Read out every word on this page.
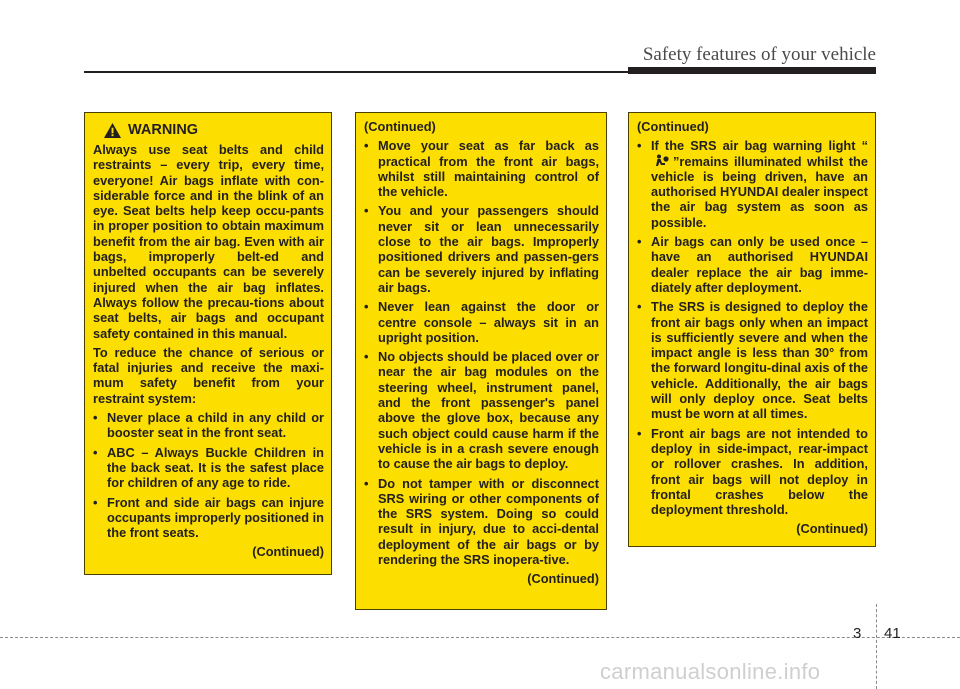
Safety features of your vehicle
WARNING

Always use seat belts and child restraints – every trip, every time, everyone! Air bags inflate with con-siderable force and in the blink of an eye. Seat belts help keep occu-pants in proper position to obtain maximum benefit from the air bag. Even with air bags, improperly belt-ed and unbelted occupants can be severely injured when the air bag inflates. Always follow the precau-tions about seat belts, air bags and occupant safety contained in this manual.

To reduce the chance of serious or fatal injuries and receive the maxi-mum safety benefit from your restraint system:

• Never place a child in any child or booster seat in the front seat.
• ABC – Always Buckle Children in the back seat. It is the safest place for children of any age to ride.
• Front and side air bags can injure occupants improperly positioned in the front seats.

(Continued)

(Continued)

• Move your seat as far back as practical from the front air bags, whilst still maintaining control of the vehicle.
• You and your passengers should never sit or lean unnecessarily close to the air bags. Improperly positioned drivers and passen-gers can be severely injured by inflating air bags.
• Never lean against the door or centre console – always sit in an upright position.
• No objects should be placed over or near the air bag modules on the steering wheel, instrument panel, and the front passenger's panel above the glove box, because any such object could cause harm if the vehicle is in a crash severe enough to cause the air bags to deploy.
• Do not tamper with or disconnect SRS wiring or other components of the SRS system. Doing so could result in injury, due to acci-dental deployment of the air bags or by rendering the SRS inopera-tive.

(Continued)

(Continued)

• If the SRS air bag warning light “”remains illuminated whilst the vehicle is being driven, have an authorised HYUNDAI dealer inspect the air bag system as soon as possible.
• Air bags can only be used once – have an authorised HYUNDAI dealer replace the air bag imme-diately after deployment.
• The SRS is designed to deploy the front air bags only when an impact is sufficiently severe and when the impact angle is less than 30° from the forward longitu-dinal axis of the vehicle. Additionally, the air bags will only deploy once. Seat belts must be worn at all times.
• Front air bags are not intended to deploy in side-impact, rear-impact or rollover crashes. In addition, front air bags will not deploy in frontal crashes below the deployment threshold.

(Continued)

3 41
carmanualsonline.info
